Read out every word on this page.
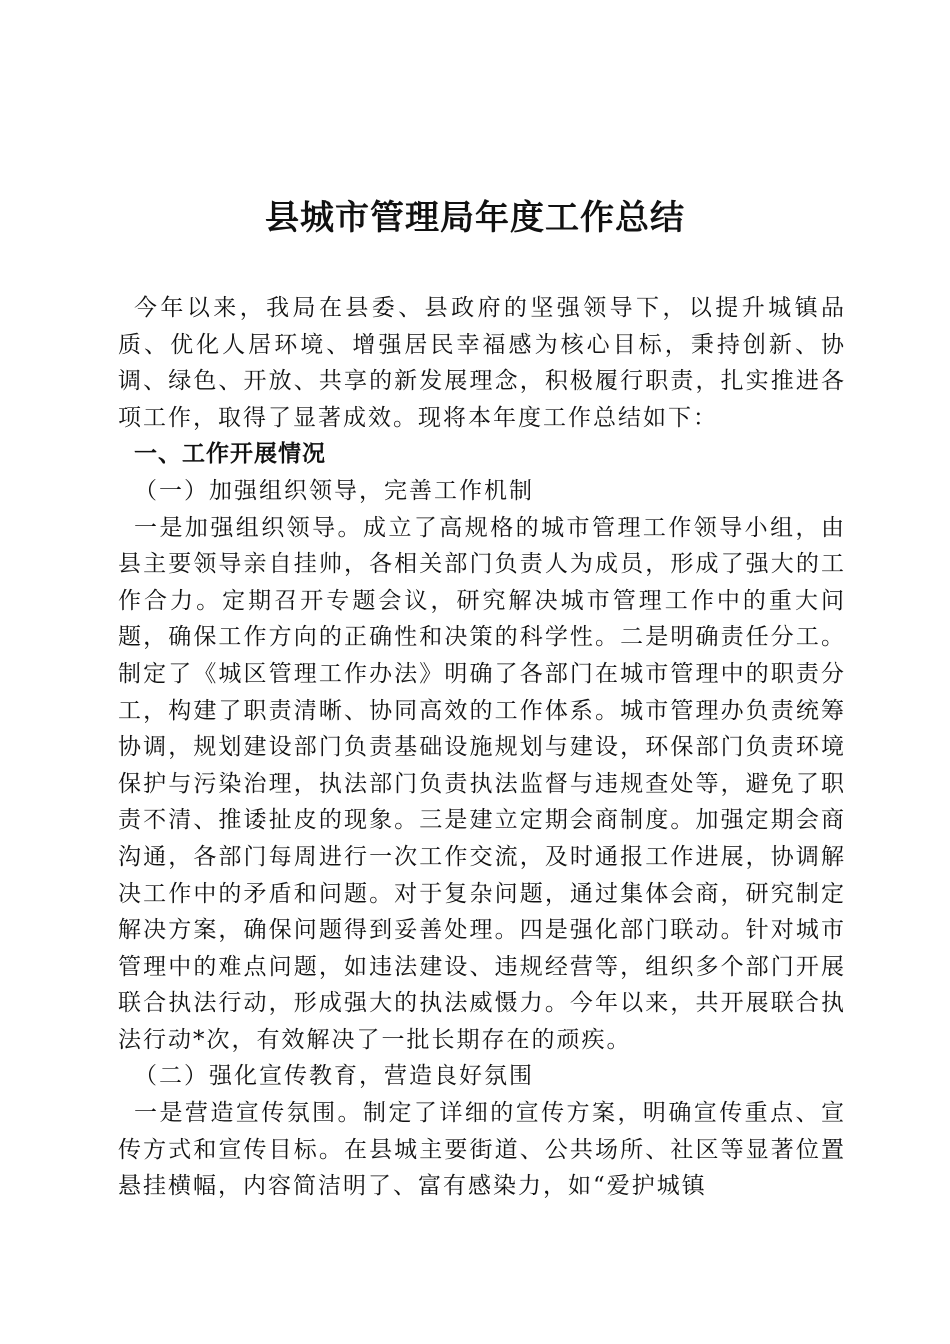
县城市管理局年度工作总结

今年以来，我局在县委、县政府的坚强领导下，以提升城镇品质、优化人居环境、增强居民幸福感为核心目标，秉持创新、协调、绿色、开放、共享的新发展理念，积极履行职责，扎实推进各项工作，取得了显著成效。现将本年度工作总结如下：

一、工作开展情况
（一）加强组织领导，完善工作机制

一是加强组织领导。成立了高规格的城市管理工作领导小组，由县主要领导亲自挂帅，各相关部门负责人为成员，形成了强大的工作合力。定期召开专题会议，研究解决城市管理工作中的重大问题，确保工作方向的正确性和决策的科学性。二是明确责任分工。制定了《城区管理工作办法》明确了各部门在城市管理中的职责分工，构建了职责清晰、协同高效的工作体系。城市管理办负责统筹协调，规划建设部门负责基础设施规划与建设，环保部门负责环境保护与污染治理，执法部门负责执法监督与违规查处等，避免了职责不清、推诿扯皮的现象。三是建立定期会商制度。加强定期会商沟通，各部门每周进行一次工作交流，及时通报工作进展，协调解决工作中的矛盾和问题。对于复杂问题，通过集体会商，研究制定解决方案，确保问题得到妥善处理。四是强化部门联动。针对城市管理中的难点问题，如违法建设、违规经营等，组织多个部门开展联合执法行动，形成强大的执法威慑力。今年以来，共开展联合执法行动*次，有效解决了一批长期存在的顽疾。

（二）强化宣传教育，营造良好氛围

一是营造宣传氛围。制定了详细的宣传方案，明确宣传重点、宣传方式和宣传目标。在县城主要街道、公共场所、社区等显著位置悬挂横幅，内容简洁明了、富有感染力，如“爱护城镇
